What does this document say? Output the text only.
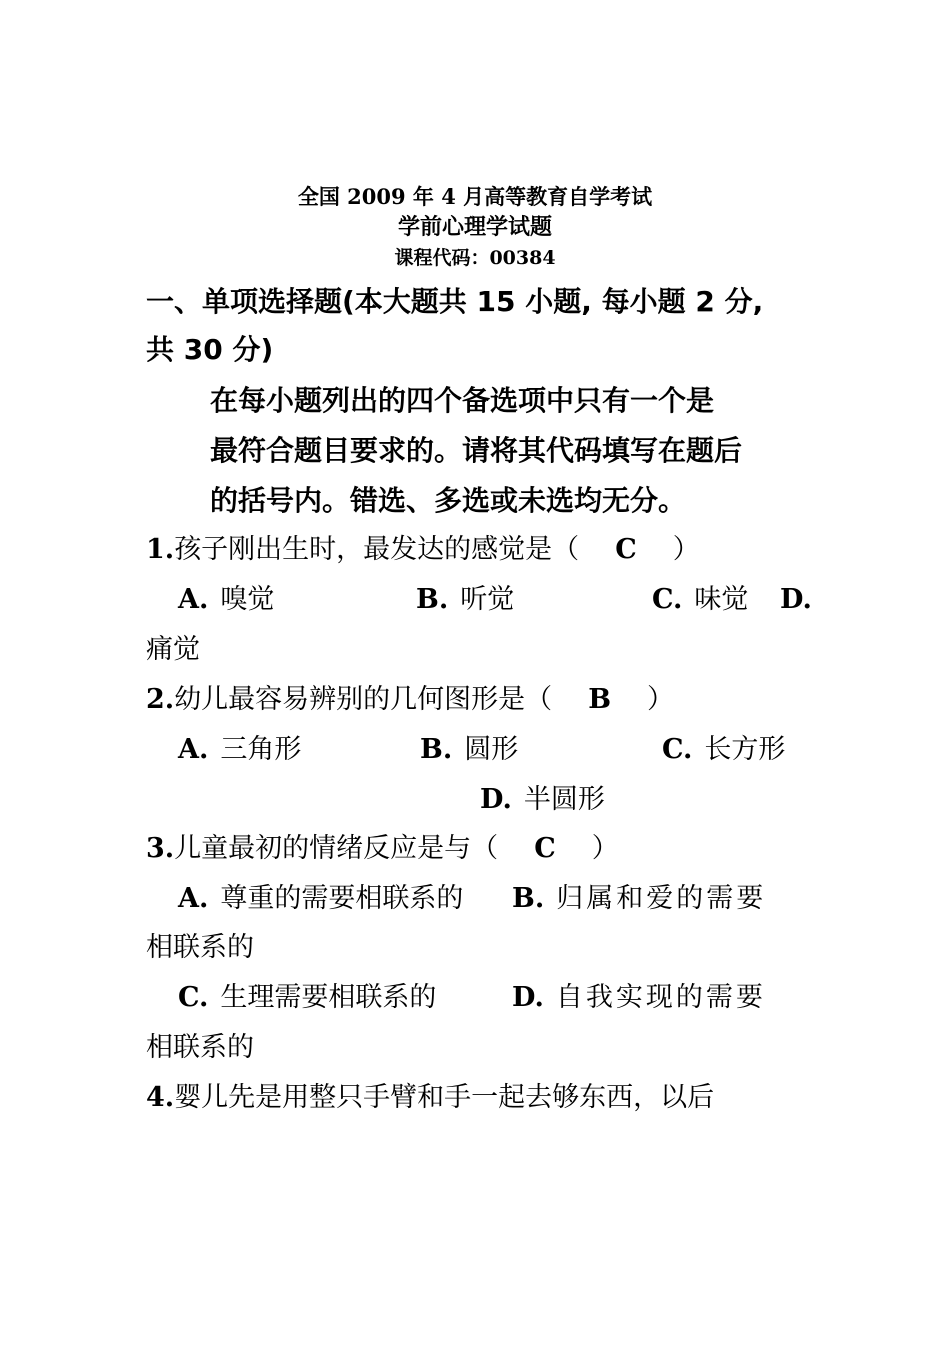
全国 2009 年 4 月高等教育自学考试
学前心理学试题
课程代码：00384
一、单项选择题(本大题共 15 小题, 每小题 2 分,
共 30 分)
在每小题列出的四个备选项中只有一个是
最符合题目要求的。请将其代码填写在题后
的括号内。错选、多选或未选均无分。
1.孩子刚出生时，最发达的感觉是（ C ）
A. 嗅觉	B. 听觉	C. 味觉 D.
痛觉
2.幼儿最容易辨别的几何图形是（ B ）
A. 三角形	B. 圆形	C. 长方形
D. 半圆形
3.儿童最初的情绪反应是与（ C ）
A. 尊重的需要相联系的 B. 归属和爱的需要
相联系的
C. 生理需要相联系的	D. 自我实现的需要
相联系的
4.婴儿先是用整只手臂和手一起去够东西，以后
